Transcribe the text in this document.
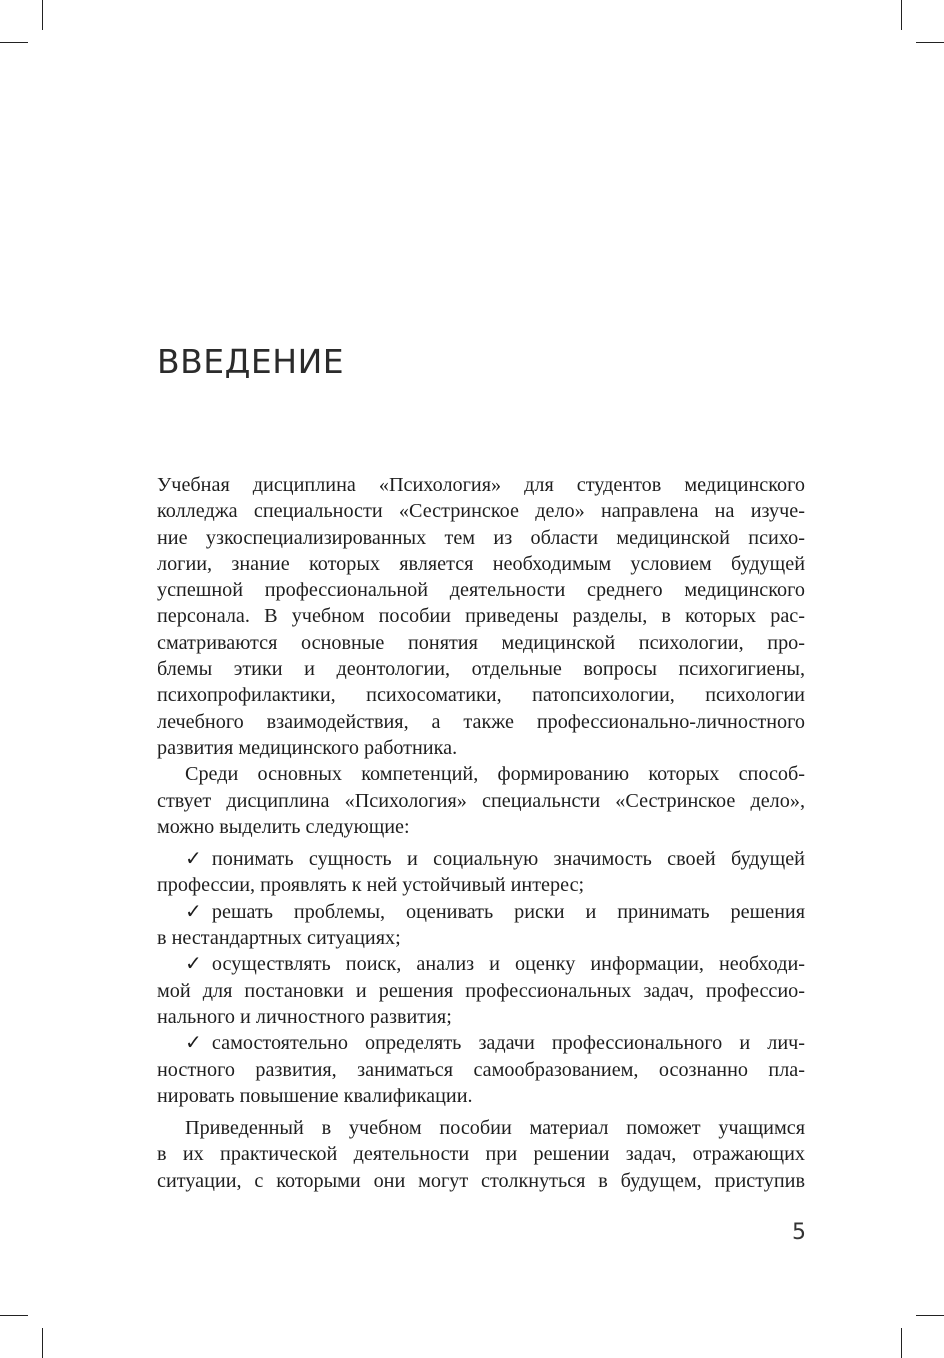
ВВЕДЕНИЕ
Учебная дисциплина «Психология» для студентов медицинского
колледжа специальности «Сестринское дело» направлена на изуче-
ние узкоспециализированных тем из области медицинской психо-
логии, знание которых является необходимым условием будущей
успешной профессиональной деятельности среднего медицинского
персонала. В учебном пособии приведены разделы, в которых рас-
сматриваются основные понятия медицинской психологии, про-
блемы этики и деонтологии, отдельные вопросы психогигиены,
психопрофилактики, психосоматики, патопсихологии, психологии
лечебного взаимодействия, а также профессионально-личностного
развития медицинского работника.
Среди основных компетенций, формированию которых способ-
ствует дисциплина «Психология» специальнсти «Сестринское дело»,
можно выделить следующие:
✓ понимать сущность и социальную значимость своей будущей
профессии, проявлять к ней устойчивый интерес;
✓ решать проблемы, оценивать риски и принимать решения
в нестандартных ситуациях;
✓ осуществлять поиск, анализ и оценку информации, необходи-
мой для постановки и решения профессиональных задач, профессио-
нального и личностного развития;
✓ самостоятельно определять задачи профессионального и лич-
ностного развития, заниматься самообразованием, осознанно пла-
нировать повышение квалификации.
Приведенный в учебном пособии материал поможет учащимся
в их практической деятельности при решении задач, отражающих
ситуации, с которыми они могут столкнуться в будущем, приступив
5
